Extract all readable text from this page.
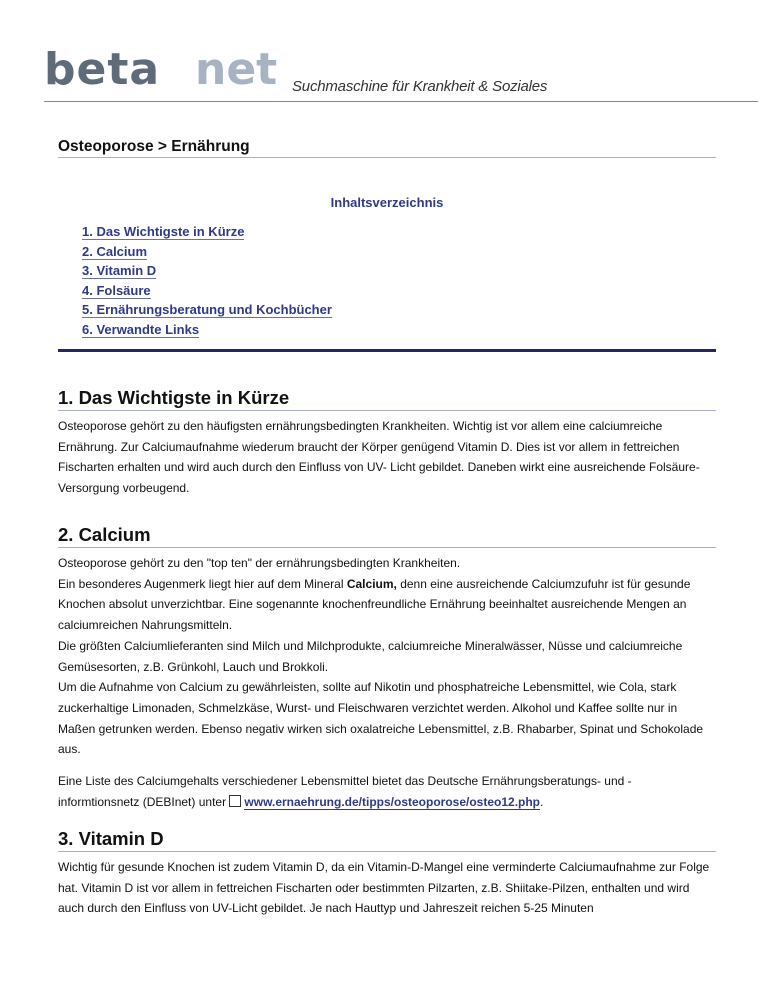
beta net Suchmaschine für Krankheit & Soziales
Osteoporose > Ernährung
Inhaltsverzeichnis
1. Das Wichtigste in Kürze
2. Calcium
3. Vitamin D
4. Folsäure
5. Ernährungsberatung und Kochbücher
6. Verwandte Links
1. Das Wichtigste in Kürze

Osteoporose gehört zu den häufigsten ernährungsbedingten Krankheiten. Wichtig ist vor allem eine calciumreiche Ernährung. Zur Calciumaufnahme wiederum braucht der Körper genügend Vitamin D. Dies ist vor allem in fettreichen Fischarten erhalten und wird auch durch den Einfluss von UV- Licht gebildet. Daneben wirkt eine ausreichende Folsäure-Versorgung vorbeugend.

2. Calcium

Osteoporose gehört zu den "top ten" der ernährungsbedingten Krankheiten.
Ein besonderes Augenmerk liegt hier auf dem Mineral Calcium, denn eine ausreichende Calciumzufuhr ist für gesunde Knochen absolut unverzichtbar. Eine sogenannte knochenfreundliche Ernährung beeinhaltet ausreichende Mengen an calciumreichen Nahrungsmitteln.
Die größten Calciumlieferanten sind Milch und Milchprodukte, calciumreiche Mineralwässer, Nüsse und calciumreiche Gemüsesorten, z.B. Grünkohl, Lauch und Brokkoli.
Um die Aufnahme von Calcium zu gewährleisten, sollte auf Nikotin und phosphatreiche Lebensmittel, wie Cola, stark zuckerhaltige Limonaden, Schmelzkäse, Wurst- und Fleischwaren verzichtet werden. Alkohol und Kaffee sollte nur in Maßen getrunken werden. Ebenso negativ wirken sich oxalatreiche Lebensmittel, z.B. Rhabarber, Spinat und Schokolade aus.

Eine Liste des Calciumgehalts verschiedener Lebensmittel bietet das Deutsche Ernährungsberatungs- und - informtionsnetz (DEBInet) unter www.ernaehrung.de/tipps/osteoporose/osteo12.php.

3. Vitamin D

Wichtig für gesunde Knochen ist zudem Vitamin D, da ein Vitamin-D-Mangel eine verminderte Calciumaufnahme zur Folge hat. Vitamin D ist vor allem in fettreichen Fischarten oder bestimmten Pilzarten, z.B. Shiitake-Pilzen, enthalten und wird auch durch den Einfluss von UV-Licht gebildet. Je nach Hauttyp und Jahreszeit reichen 5-25 Minuten
